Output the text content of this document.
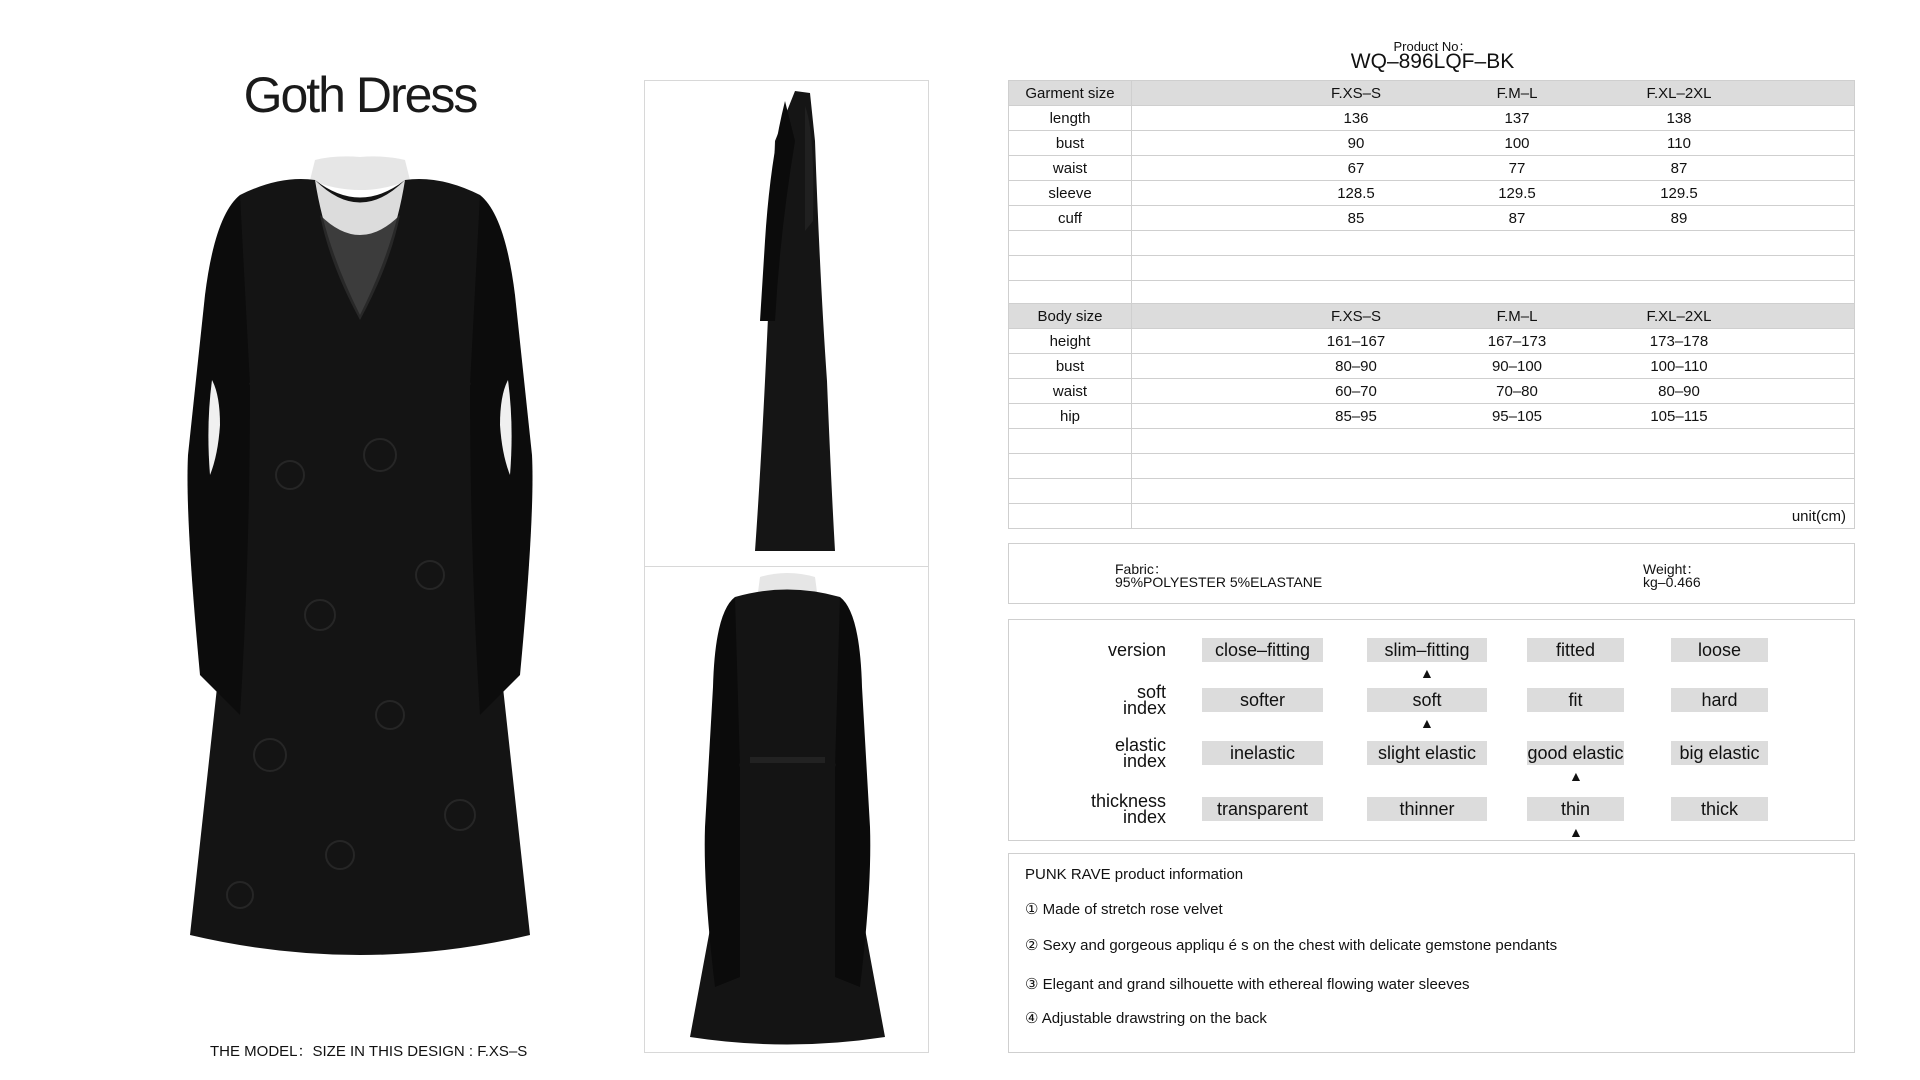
Goth Dress
THE MODEL：SIZE IN THIS DESIGN : F.XS–S
Product No：
WQ–896LQF–BK
Garment size	F.XS–S F.M–L F.XL–2XL

length	136 137 138

bust	90 100 110

waist	67 77 87

sleeve	128.5 129.5 129.5

cuff	85 87 89

Body size	F.XS–S F.M–L F.XL–2XL

height	161–167 167–173 173–178

bust	80–90 90–100 100–110

waist	60–70 70–80 80–90

hip	85–95 95–105 105–115

	unit(cm)
Fabric：
95%POLYESTER 5%ELASTANE
Weight：
kg–0.466
version	close–fitting	slim–fitting	fitted	loose
▲
soft
index	softer	soft	fit	hard
▲
elastic
index	inelastic	slight elastic	good elastic	big elastic
▲
thickness
index	transparent	thinner	thin	thick
▲
PUNK RAVE product information
① Made of stretch rose velvet
② Sexy and gorgeous appliqu é s on the chest with delicate gemstone pendants
③ Elegant and grand silhouette with ethereal flowing water sleeves
④ Adjustable drawstring on the back
